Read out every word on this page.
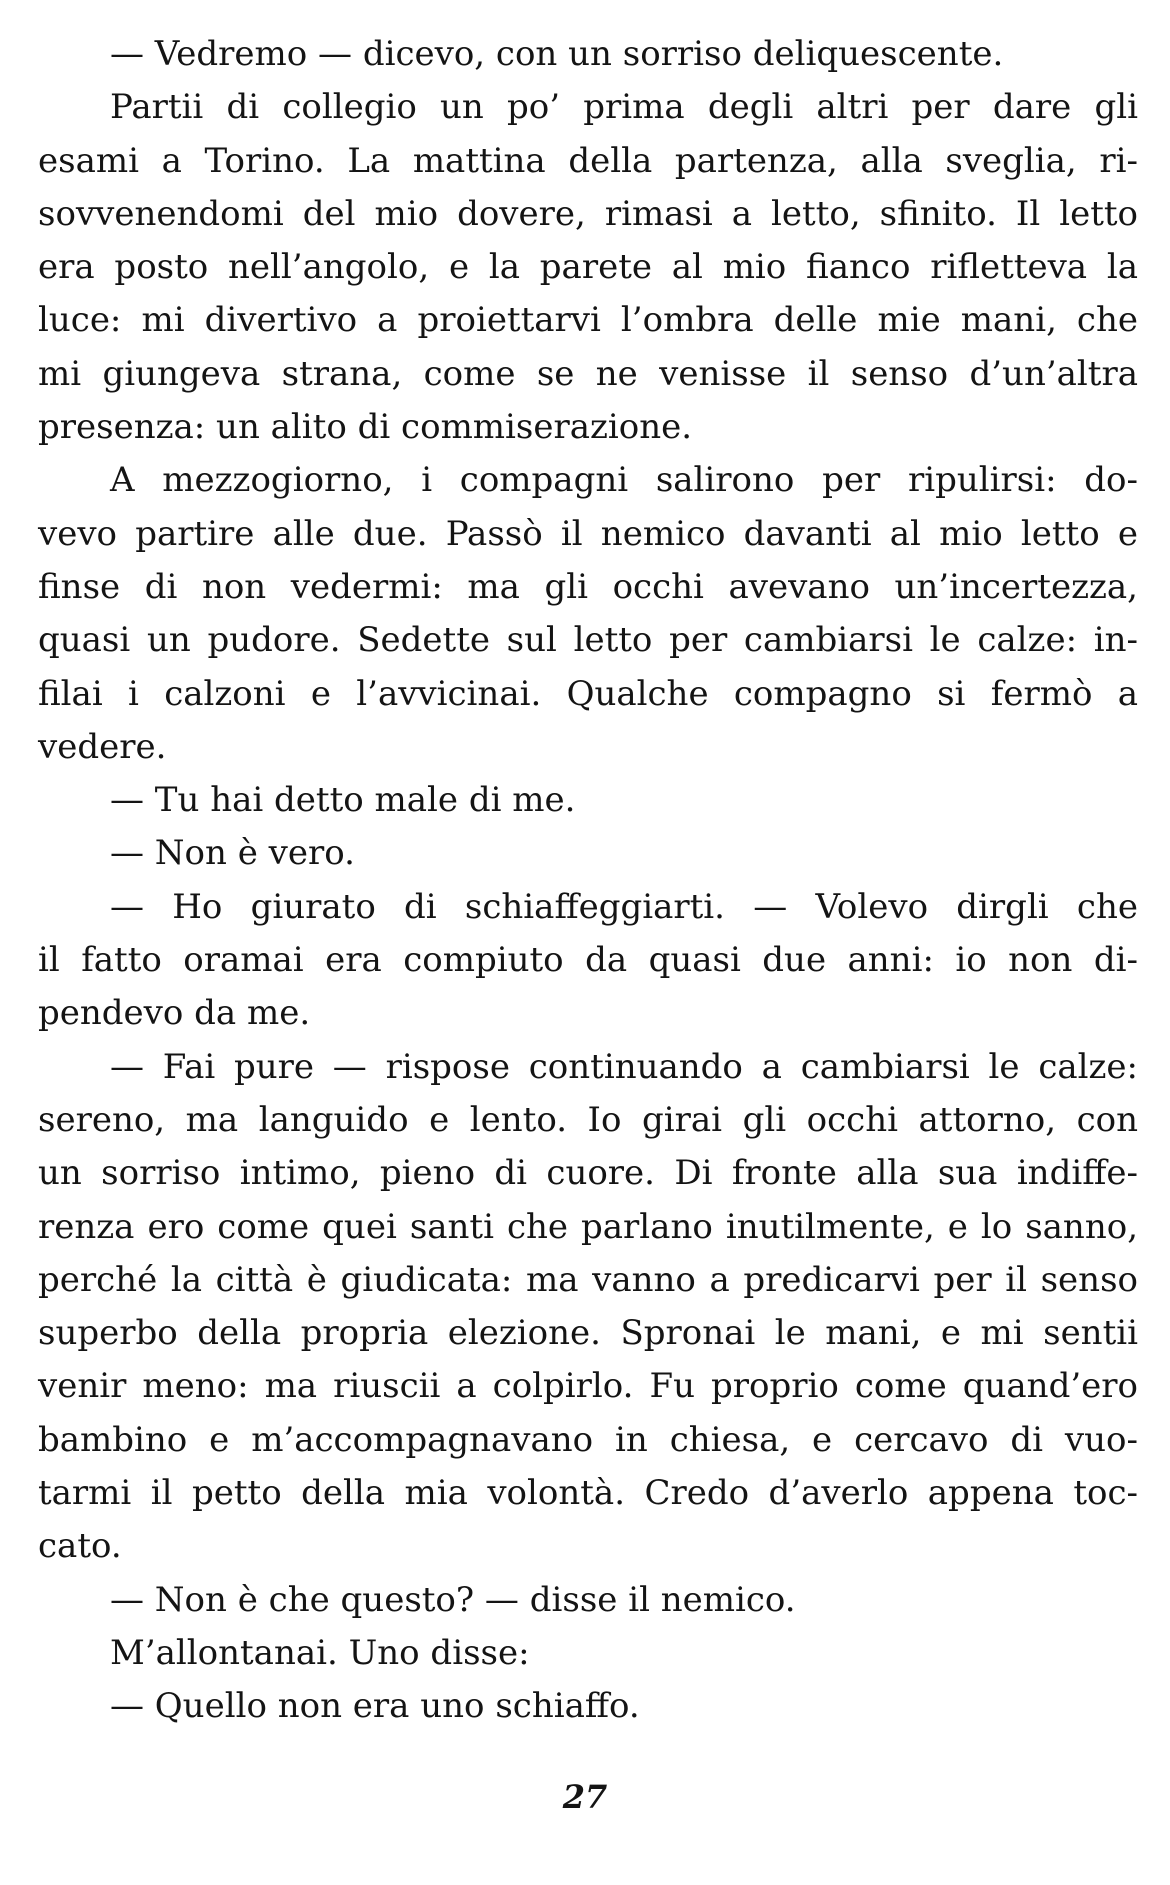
— Vedremo — dicevo, con un sorriso deliquescente.
Partii di collegio un po’ prima degli altri per dare gli
esami a Torino. La mattina della partenza, alla sveglia, ri-
sovvenendomi del mio dovere, rimasi a letto, sfinito. Il letto
era posto nell’angolo, e la parete al mio fianco rifletteva la
luce: mi divertivo a proiettarvi l’ombra delle mie mani, che
mi giungeva strana, come se ne venisse il senso d’un’altra
presenza: un alito di commiserazione.
A mezzogiorno, i compagni salirono per ripulirsi: do-
vevo partire alle due. Passò il nemico davanti al mio letto e
finse di non vedermi: ma gli occhi avevano un’incertezza,
quasi un pudore. Sedette sul letto per cambiarsi le calze: in-
filai i calzoni e l’avvicinai. Qualche compagno si fermò a
vedere.
— Tu hai detto male di me.
— Non è vero.
— Ho giurato di schiaffeggiarti. — Volevo dirgli che
il fatto oramai era compiuto da quasi due anni: io non di-
pendevo da me.
— Fai pure — rispose continuando a cambiarsi le calze:
sereno, ma languido e lento. Io girai gli occhi attorno, con
un sorriso intimo, pieno di cuore. Di fronte alla sua indiffe-
renza ero come quei santi che parlano inutilmente, e lo sanno,
perché la città è giudicata: ma vanno a predicarvi per il senso
superbo della propria elezione. Spronai le mani, e mi sentii
venir meno: ma riuscii a colpirlo. Fu proprio come quand’ero
bambino e m’accompagnavano in chiesa, e cercavo di vuo-
tarmi il petto della mia volontà. Credo d’averlo appena toc-
cato.
— Non è che questo? — disse il nemico.
M’allontanai. Uno disse:
— Quello non era uno schiaffo.
27
